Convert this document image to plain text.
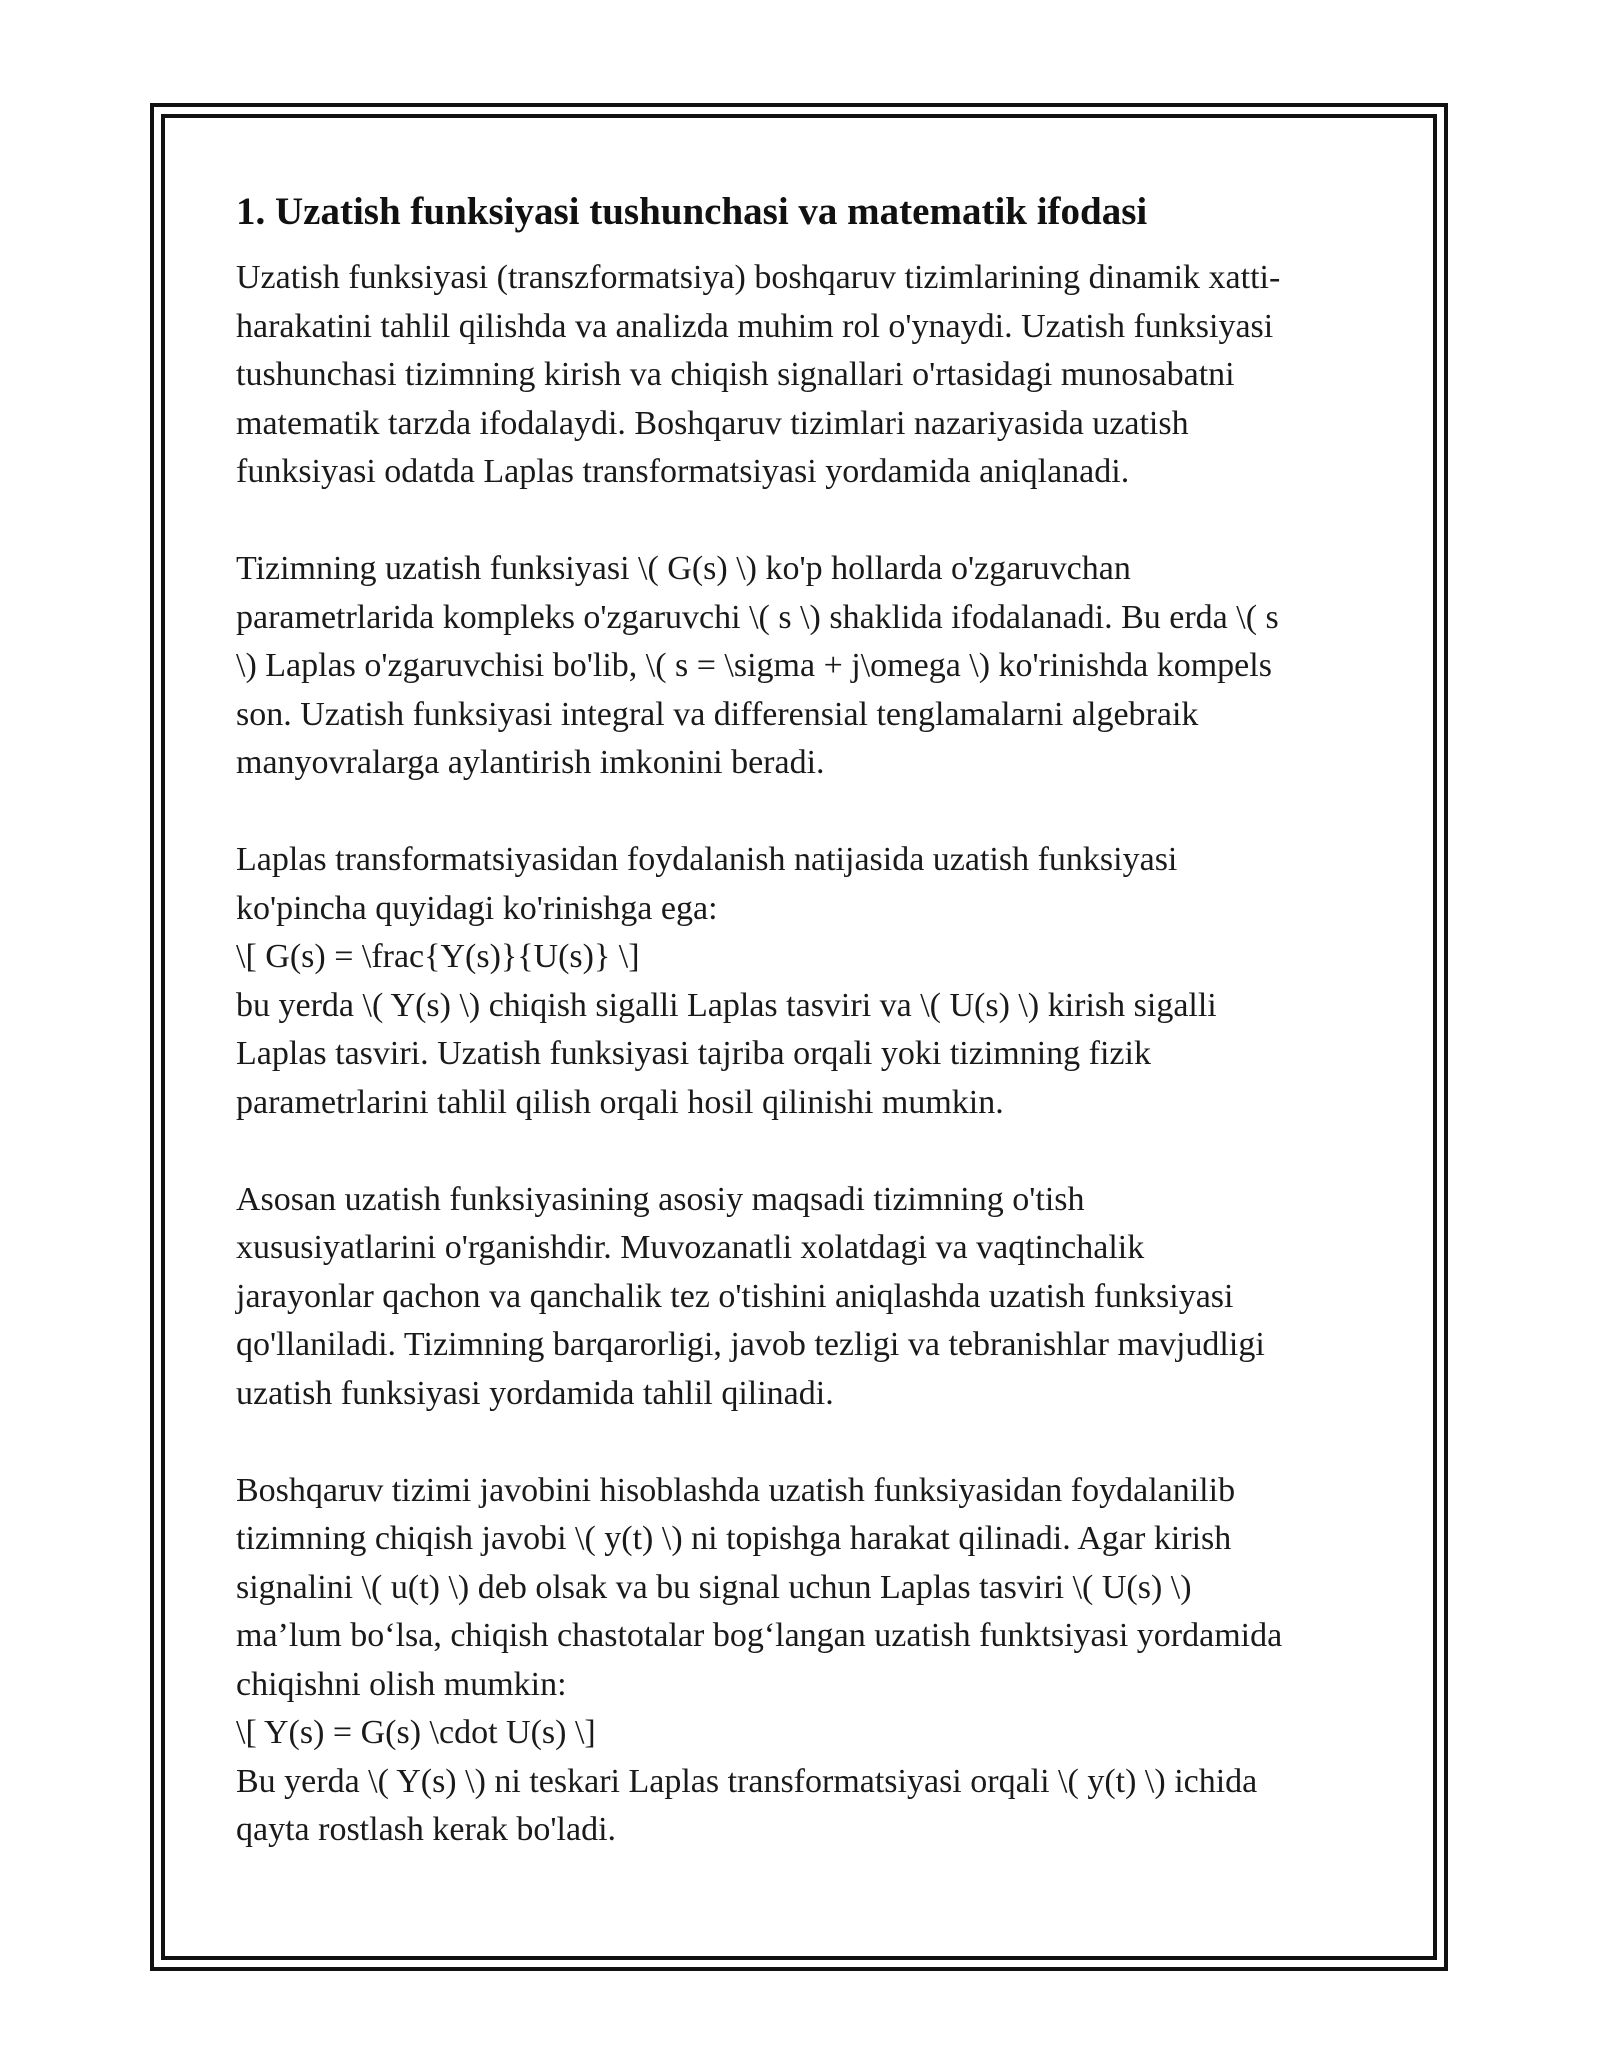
1. Uzatish funksiyasi tushunchasi va matematik ifodasi
Uzatish funksiyasi (transzformatsiya) boshqaruv tizimlarining dinamik xatti-
harakatini tahlil qilishda va analizda muhim rol o'ynaydi. Uzatish funksiyasi
tushunchasi tizimning kirish va chiqish signallari o'rtasidagi munosabatni
matematik tarzda ifodalaydi. Boshqaruv tizimlari nazariyasida uzatish
funksiyasi odatda Laplas transformatsiyasi yordamida aniqlanadi.
Tizimning uzatish funksiyasi \( G(s) \) ko'p hollarda o'zgaruvchan
parametrlarida kompleks o'zgaruvchi \( s \) shaklida ifodalanadi. Bu erda \( s
\) Laplas o'zgaruvchisi bo'lib, \( s = \sigma + j\omega \) ko'rinishda kompels
son. Uzatish funksiyasi integral va differensial tenglamalarni algebraik
manyovralarga aylantirish imkonini beradi.
Laplas transformatsiyasidan foydalanish natijasida uzatish funksiyasi
ko'pincha quyidagi ko'rinishga ega:
\[ G(s) = \frac{Y(s)}{U(s)} \]
bu yerda \( Y(s) \) chiqish sigalli Laplas tasviri va \( U(s) \) kirish sigalli
Laplas tasviri. Uzatish funksiyasi tajriba orqali yoki tizimning fizik
parametrlarini tahlil qilish orqali hosil qilinishi mumkin.
Asosan uzatish funksiyasining asosiy maqsadi tizimning o'tish
xususiyatlarini o'rganishdir. Muvozanatli xolatdagi va vaqtinchalik
jarayonlar qachon va qanchalik tez o'tishini aniqlashda uzatish funksiyasi
qo'llaniladi. Tizimning barqarorligi, javob tezligi va tebranishlar mavjudligi
uzatish funksiyasi yordamida tahlil qilinadi.
Boshqaruv tizimi javobini hisoblashda uzatish funksiyasidan foydalanilib
tizimning chiqish javobi \( y(t) \) ni topishga harakat qilinadi. Agar kirish
signalini \( u(t) \) deb olsak va bu signal uchun Laplas tasviri \( U(s) \)
ma’lum bo‘lsa, chiqish chastotalar bog‘langan uzatish funktsiyasi yordamida
chiqishni olish mumkin:
\[ Y(s) = G(s) \cdot U(s) \]
Bu yerda \( Y(s) \) ni teskari Laplas transformatsiyasi orqali \( y(t) \) ichida
qayta rostlash kerak bo'ladi.
